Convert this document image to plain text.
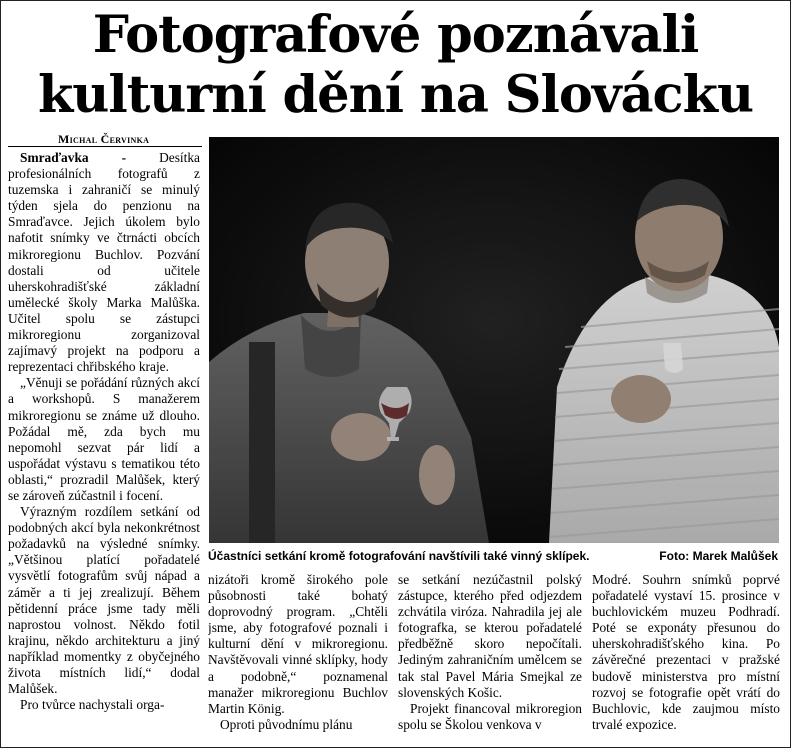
Fotografové poznávali
kulturní dění na Slovácku
Michal Červinka

Smraďavka - Desítka profesionálních fotografů z tuzemska i zahraničí se minulý týden sjela do penzionu na Smraďavce. Jejich úkolem bylo nafotit snímky ve čtrnácti obcích mikroregionu Buchlov. Pozvání dostali od učitele uherskohradišťské základní umělecké školy Marka Malůška. Učitel spolu se zástupci mikroregionu zorganizoval zajímavý projekt na podporu a reprezentaci chřibského kraje.

„Věnuji se pořádání různých akcí a workshopů. S manažerem mikroregionu se známe už dlouho. Požádal mě, zda bych mu nepomohl sezvat pár lidí a uspořádat výstavu s tematikou této oblasti,“ prozradil Malůšek, který se zároveň zúčastnil i focení.

Výrazným rozdílem setkání od podobných akcí byla nekonkrétnost požadavků na výsledné snímky. „Většinou platící pořadatelé vysvětlí fotografům svůj nápad a záměr a ti jej zrealizují. Během pětidenní práce jsme tady měli naprostou volnost. Někdo fotil krajinu, někdo architekturu a jiný například momentky z obyčejného života místních lidí,“ dodal Malůšek.

Pro tvůrce nachystali orga-

Účastníci setkání kromě fotografování navštívili také vinný sklípek.	Foto: Marek Malůšek

nizátoři kromě širokého pole působnosti také bohatý doprovodný program. „Chtěli jsme, aby fotografové poznali i kulturní dění v mikroregionu. Navštěvovali vinné sklípky, hody a podobně,“ poznamenal manažer mikroregionu Buchlov Martin König.

Oproti původnímu plánu

se setkání nezúčastnil polský zástupce, kterého před odjezdem zchvátila viróza. Nahradila jej ale fotografka, se kterou pořadatelé předběžně skoro nepočítali. Jediným zahraničním umělcem se tak stal Pavel Mária Smejkal ze slovenských Košic.

Projekt financoval mikroregion spolu se Školou venkova v

Modré. Souhrn snímků poprvé pořadatelé vystaví 15. prosince v buchlovickém muzeu Podhradí. Poté se exponáty přesunou do uherskohradišťského kina. Po závěrečné prezentaci v pražské budově ministerstva pro místní rozvoj se fotografie opět vrátí do Buchlovic, kde zaujmou místo trvalé expozice.
